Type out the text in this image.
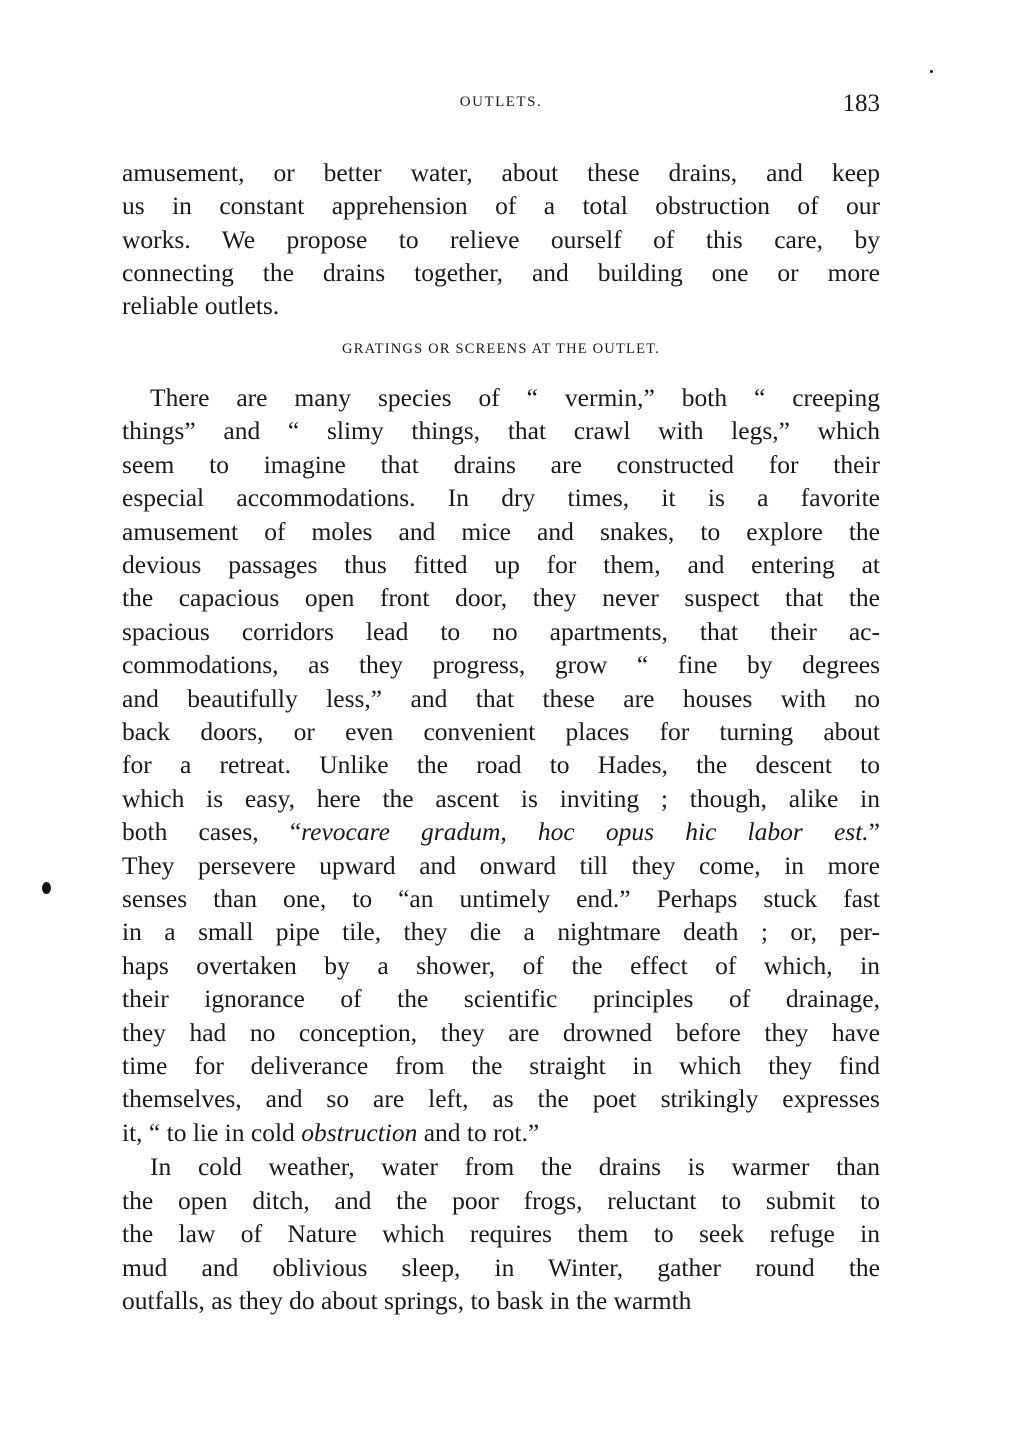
OUTLETS.	183
GRATINGS OR SCREENS AT THE OUTLET.
amusement, or better water, about these drains, and keep
us in constant apprehension of a total obstruction of our
works. We propose to relieve ourself of this care, by
connecting the drains together, and building one or more
reliable outlets.
There are many species of “ vermin,” both “ creeping
things” and “ slimy things, that crawl with legs,” which
seem to imagine that drains are constructed for their
especial accommodations. In dry times, it is a favorite
amusement of moles and mice and snakes, to explore the
devious passages thus fitted up for them, and entering at
the capacious open front door, they never suspect that the
spacious corridors lead to no apartments, that their ac-
commodations, as they progress, grow “ fine by degrees
and beautifully less,” and that these are houses with no
back doors, or even convenient places for turning about
for a retreat. Unlike the road to Hades, the descent to
which is easy, here the ascent is inviting ; though, alike in
both cases, “revocare gradum, hoc opus hic labor est.”
They persevere upward and onward till they come, in more
senses than one, to “an untimely end.” Perhaps stuck fast
in a small pipe tile, they die a nightmare death ; or, per-
haps overtaken by a shower, of the effect of which, in
their ignorance of the scientific principles of drainage,
they had no conception, they are drowned before they have
time for deliverance from the straight in which they find
themselves, and so are left, as the poet strikingly expresses
it, “ to lie in cold obstruction and to rot.”
In cold weather, water from the drains is warmer than
the open ditch, and the poor frogs, reluctant to submit to
the law of Nature which requires them to seek refuge in
mud and oblivious sleep, in Winter, gather round the
outfalls, as they do about springs, to bask in the warmth
